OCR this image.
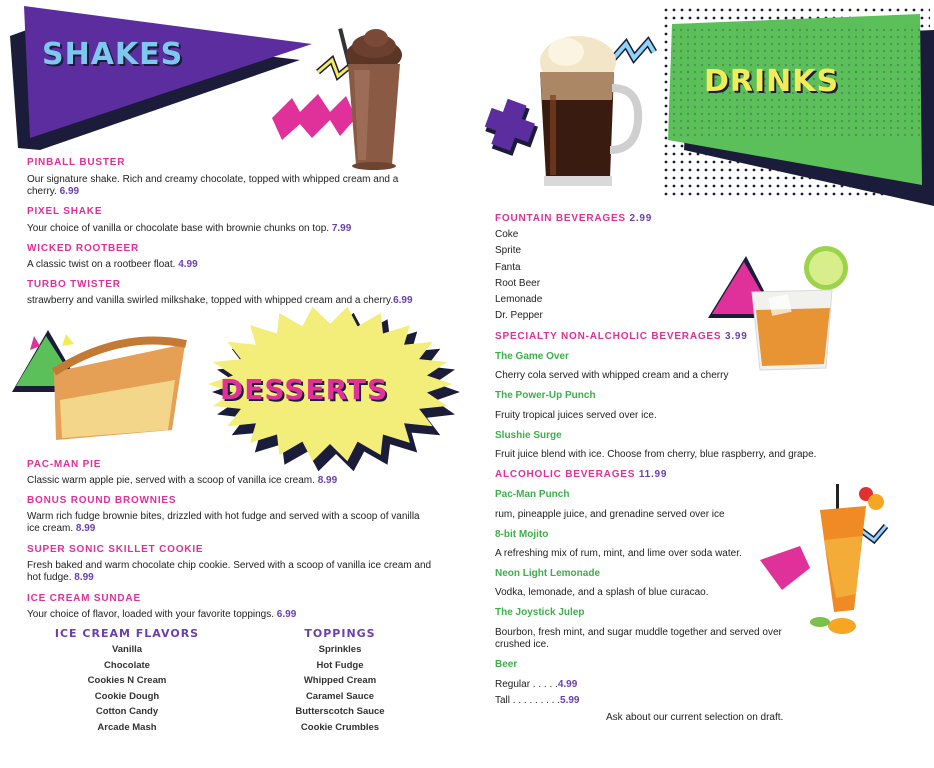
SHAKES
DRINKS
DESSERTS
PINBALL BUSTER
Our signature shake. Rich and creamy chocolate, topped with whipped cream and a cherry. 6.99
PIXEL SHAKE
Your choice of vanilla or chocolate base with brownie chunks on top. 7.99
WICKED ROOTBEER
A classic twist on a rootbeer float. 4.99
TURBO TWISTER
strawberry and vanilla swirled milkshake, topped with whipped cream and a cherry.6.99
PAC-MAN PIE
Classic warm apple pie, served with a scoop of vanilla ice cream. 8.99
BONUS ROUND BROWNIES
Warm rich fudge brownie bites, drizzled with hot fudge and served with a scoop of vanilla ice cream. 8.99
SUPER SONIC SKILLET COOKIE
Fresh baked and warm chocolate chip cookie. Served with a scoop of vanilla ice cream and hot fudge. 8.99
ICE CREAM SUNDAE
Your choice of flavor, loaded with your favorite toppings. 6.99
ICE CREAM FLAVORS
Vanilla
Chocolate
Cookies N Cream
Cookie Dough
Cotton Candy
Arcade Mash
TOPPINGS
Sprinkles
Hot Fudge
Whipped Cream
Caramel Sauce
Butterscotch Sauce
Cookie Crumbles
FOUNTAIN BEVERAGES 2.99
Coke
Sprite
Fanta
Root Beer
Lemonade
Dr. Pepper
SPECIALTY NON-ALCHOLIC BEVERAGES 3.99
The Game Over
Cherry cola served with whipped cream and a cherry
The Power-Up Punch
Fruity tropical juices served over ice.
Slushie Surge
Fruit juice blend with ice. Choose from cherry, blue raspberry, and grape.
ALCOHOLIC BEVERAGES 11.99
Pac-Man Punch
rum, pineapple juice, and grenadine served over ice
8-bit Mojito
A refreshing mix of rum, mint, and lime over soda water.
Neon Light Lemonade
Vodka, lemonade, and a splash of blue curacao.
The Joystick Julep
Bourbon, fresh mint, and sugar muddle together and served over crushed ice.
Beer
Regular . . . . .4.99
Tall . . . . . . . . .5.99
Ask about our current selection on draft.
